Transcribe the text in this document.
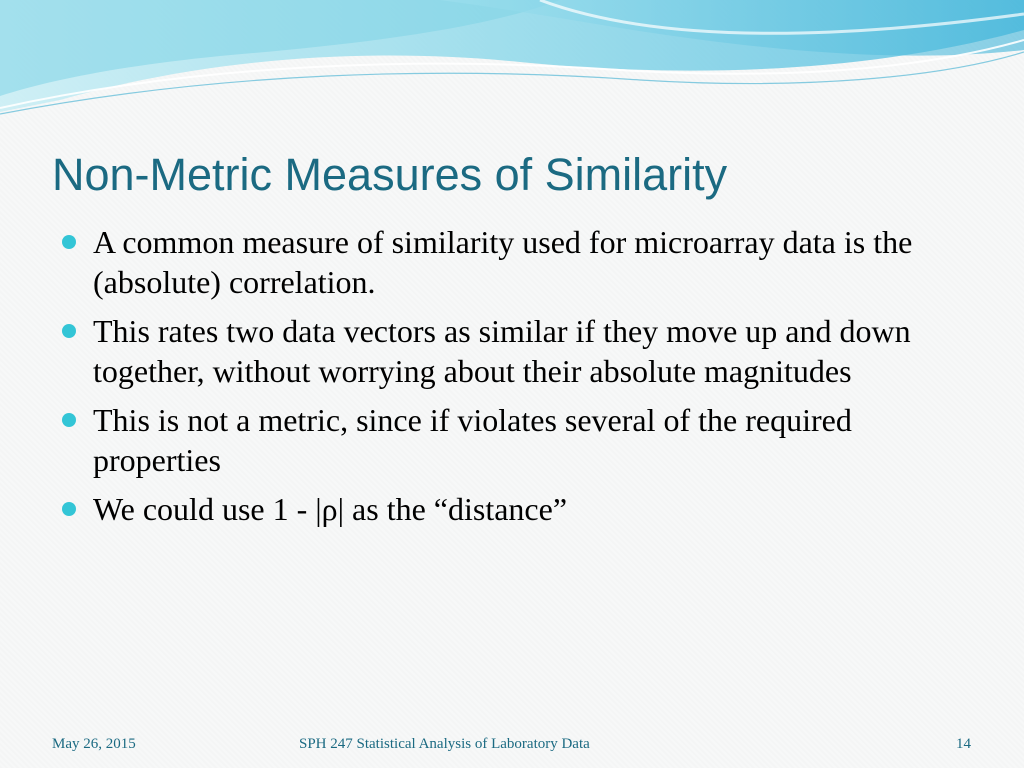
Non-Metric Measures of Similarity
A common measure of similarity used for microarray data is the (absolute) correlation.
This rates two data vectors as similar if they move up and down together, without worrying about their absolute magnitudes
This is not a metric, since if violates several of the required properties
We could use 1 - |ρ| as the “distance”
May 26, 2015	SPH 247 Statistical Analysis of Laboratory Data	14
